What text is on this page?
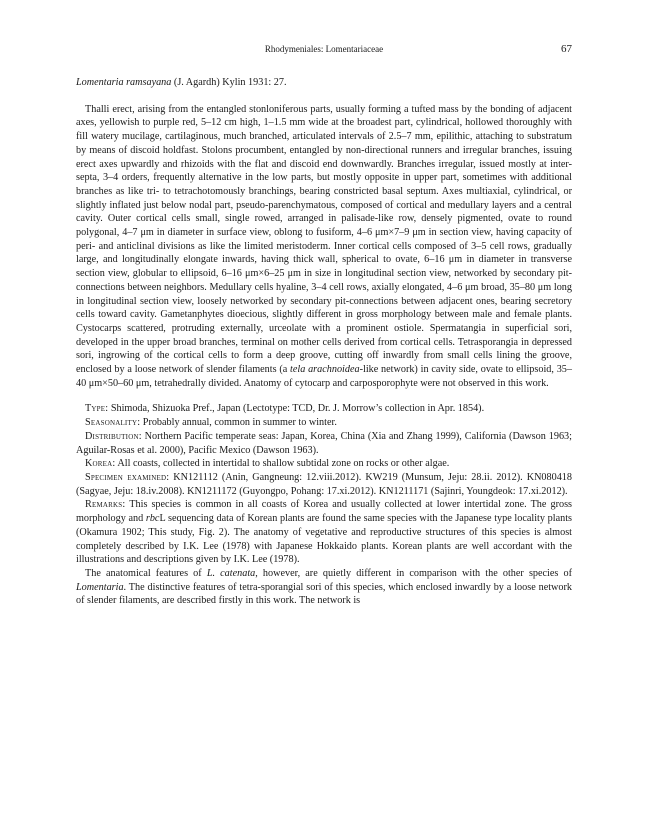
Rhodymeniales: Lomentariaceae	67

Lomentaria ramsayana (J. Agardh) Kylin 1931: 27.

Thalli erect, arising from the entangled stonloniferous parts, usually forming a tufted mass by the bonding of adjacent axes, yellowish to purple red, 5–12 cm high, 1–1.5 mm wide at the broadest part, cylindrical, hollowed thoroughly with fill watery mucilage, cartilaginous, much branched, articulated intervals of 2.5–7 mm, epilithic, attaching to substratum by means of discoid holdfast. Stolons procumbent, entangled by non-directional runners and irregular branches, issuing erect axes upwardly and rhizoids with the flat and discoid end downwardly. Branches irregular, issued mostly at inter-septa, 3–4 orders, frequently alternative in the low parts, but mostly opposite in upper part, sometimes with additional branches as like tri- to tetrachotomously branchings, bearing constricted basal septum. Axes multiaxial, cylindrical, or slightly inflated just below nodal part, pseudo-parenchymatous, composed of cortical and medullary layers and a central cavity. Outer cortical cells small, single rowed, arranged in palisade-like row, densely pigmented, ovate to round polygonal, 4–7 μm in diameter in surface view, oblong to fusiform, 4–6 μm×7–9 μm in section view, having capacity of peri- and anticlinal divisions as like the limited meristoderm. Inner cortical cells composed of 3–5 cell rows, gradually large, and longitudinally elongate inwards, having thick wall, spherical to ovate, 6–16 μm in diameter in transverse section view, globular to ellipsoid, 6–16 μm×6–25 μm in size in longitudinal section view, networked by secondary pit-connections between neighbors. Medullary cells hyaline, 3–4 cell rows, axially elongated, 4–6 μm broad, 35–80 μm long in longitudinal section view, loosely networked by secondary pit-connections between adjacent ones, bearing secretory cells toward cavity. Gametanphytes dioecious, slightly different in gross morphology between male and female plants. Cystocarps scattered, protruding externally, urceolate with a prominent ostiole. Spermatangia in superficial sori, developed in the upper broad branches, terminal on mother cells derived from cortical cells. Tetrasporangia in depressed sori, ingrowing of the cortical cells to form a deep groove, cutting off inwardly from small cells lining the groove, enclosed by a loose network of slender filaments (a tela arachnoidea-like network) in cavity side, ovate to ellipsoid, 35–40 μm×50–60 μm, tetrahedrally divided. Anatomy of cytocarp and carposporophyte were not observed in this work.

Type: Shimoda, Shizuoka Pref., Japan (Lectotype: TCD, Dr. J. Morrow’s collection in Apr. 1854).

Seasonality: Probably annual, common in summer to winter.

Distribution: Northern Pacific temperate seas: Japan, Korea, China (Xia and Zhang 1999), California (Dawson 1963; Aguilar-Rosas et al. 2000), Pacific Mexico (Dawson 1963).

Korea: All coasts, collected in intertidal to shallow subtidal zone on rocks or other algae.

Specimen examined: KN121112 (Anin, Gangneung: 12.viii.2012). KW219 (Munsum, Jeju: 28.ii. 2012). KN080418 (Sagyae, Jeju: 18.iv.2008). KN1211172 (Guyongpo, Pohang: 17.xi.2012). KN1211171 (Sajinri, Youngdeok: 17.xi.2012).

Remarks: This species is common in all coasts of Korea and usually collected at lower intertidal zone. The gross morphology and rbcL sequencing data of Korean plants are found the same species with the Japanese type locality plants (Okamura 1902; This study, Fig. 2). The anatomy of vegetative and reproductive structures of this species is almost completely described by I.K. Lee (1978) with Japanese Hokkaido plants. Korean plants are well accordant with the illustrations and descriptions given by I.K. Lee (1978).

The anatomical features of L. catenata, however, are quietly different in comparison with the other species of Lomentaria. The distinctive features of tetra-sporangial sori of this species, which enclosed inwardly by a loose network of slender filaments, are described firstly in this work. The network is
